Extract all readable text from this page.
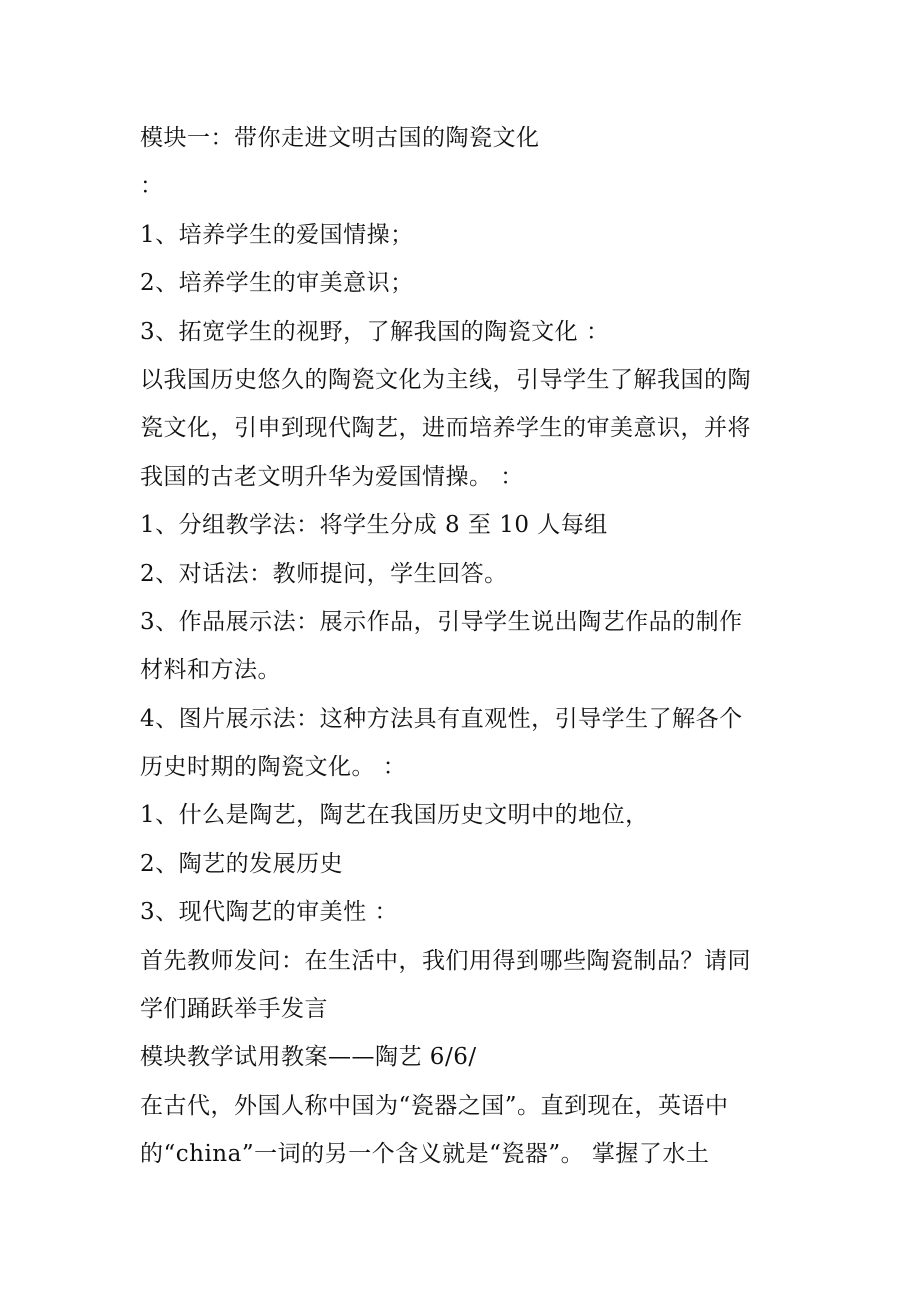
模块一：带你走进文明古国的陶瓷文化
：
1、培养学生的爱国情操；
2、培养学生的审美意识；
3、拓宽学生的视野，了解我国的陶瓷文化 ：
以我国历史悠久的陶瓷文化为主线，引导学生了解我国的陶
瓷文化，引申到现代陶艺，进而培养学生的审美意识，并将
我国的古老文明升华为爱国情操。 ：
1、分组教学法：将学生分成 8 至 10 人每组
2、对话法：教师提问，学生回答。
3、作品展示法：展示作品，引导学生说出陶艺作品的制作
材料和方法。
4、图片展示法：这种方法具有直观性，引导学生了解各个
历史时期的陶瓷文化。 ：
1、什么是陶艺，陶艺在我国历史文明中的地位，
2、陶艺的发展历史
3、现代陶艺的审美性 ：
首先教师发问：在生活中，我们用得到哪些陶瓷制品？请同
学们踊跃举手发言
模块教学试用教案——陶艺 6/6/
在古代，外国人称中国为“瓷器之国”。直到现在，英语中
的“china”一词的另一个含义就是“瓷器”。 掌握了水土
